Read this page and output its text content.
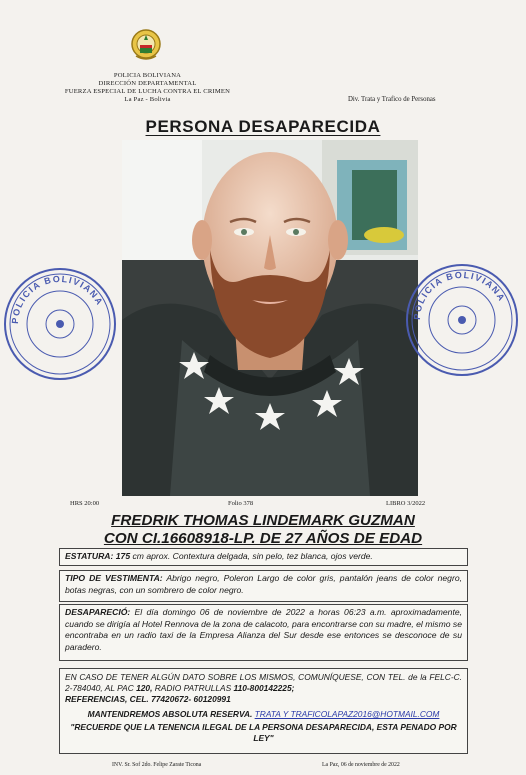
POLICIA BOLIVIANA
DIRECCIÓN DEPARTAMENTAL
FUERZA ESPECIAL DE LUCHA CONTRA EL CRIMEN
La Paz - Bolivia	Div. Trata y Trafico de Personas
PERSONA DESAPARECIDA
POLICIA BOLIVIANA
POLICIA BOLIVIANA
HRS 20:00	Folio 378	LIBRO 3/2022
FREDRIK THOMAS LINDEMARK GUZMAN
CON CI.16608918-LP. DE 27 AÑOS DE EDAD
ESTATURA: 175 cm aprox. Contextura delgada, sin pelo, tez blanca, ojos verde.
TIPO DE VESTIMENTA: Abrigo negro, Poleron Largo de color gris, pantalón jeans de color negro, botas negras, con un sombrero de color negro.
DESAPARECIÓ: El día domingo 06 de noviembre de 2022 a horas 06:23 a.m. aproximadamente, cuando se dirigía al Hotel Rennova de la zona de calacoto, para encontrarse con su madre, el mismo se encontraba en un radio taxi de la Empresa Alianza del Sur desde ese entonces se desconoce de su paradero.
EN CASO DE TENER ALGÚN DATO SOBRE LOS MISMOS, COMUNÍQUESE, CON TEL. de la FELC-C. 2-784040, AL PAC 120, RADIO PATRULLAS 110-800142225;
REFERENCIAS, CEL. 77420672- 60120991
MANTENDREMOS ABSOLUTA RESERVA. TRATA Y TRAFICOLAPAZ2016@HOTMAIL.COM
"RECUERDE QUE LA TENENCIA ILEGAL DE LA PERSONA DESAPARECIDA, ESTA PENADO POR LEY"
INV. Sr. Sof 2do. Felipe Zarate Ticona	La Paz, 06 de noviembre de 2022
